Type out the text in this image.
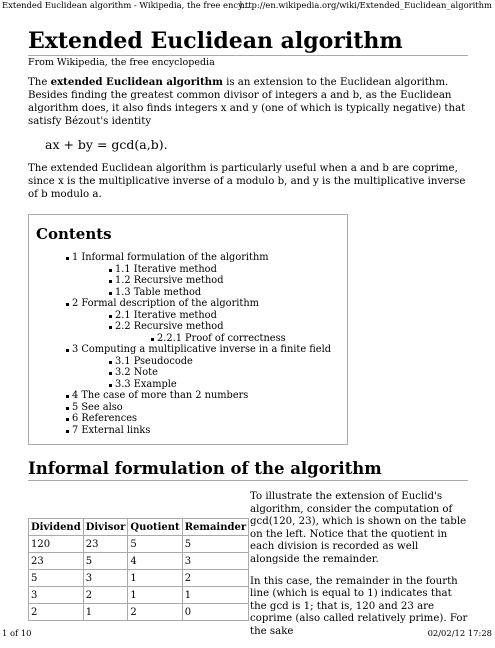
Extended Euclidean algorithm - Wikipedia, the free ency...
http://en.wikipedia.org/wiki/Extended_Euclidean_algorithm
Extended Euclidean algorithm
From Wikipedia, the free encyclopedia

The extended Euclidean algorithm is an extension to the Euclidean algorithm. Besides finding the greatest common divisor of integers a and b, as the Euclidean algorithm does, it also finds integers x and y (one of which is typically negative) that satisfy Bézout's identity

ax + by = gcd(a,b).

The extended Euclidean algorithm is particularly useful when a and b are coprime, since x is the multiplicative inverse of a modulo b, and y is the multiplicative inverse of b modulo a.

Contents
1 Informal formulation of the algorithm
1.1 Iterative method
1.2 Recursive method
1.3 Table method
2 Formal description of the algorithm
2.1 Iterative method
2.2 Recursive method
2.2.1 Proof of correctness
3 Computing a multiplicative inverse in a finite field
3.1 Pseudocode
3.2 Note
3.3 Example
4 The case of more than 2 numbers
5 See also
6 References
7 External links
Informal formulation of the algorithm
Dividend	Divisor	Quotient	Remainder
120	23	5	5
23	5	4	3
5	3	1	2
3	2	1	1
2	1	2	0

To illustrate the extension of Euclid's algorithm, consider the computation of gcd(120, 23), which is shown on the table on the left. Notice that the quotient in each division is recorded as well alongside the remainder.

In this case, the remainder in the fourth line (which is equal to 1) indicates that the gcd is 1; that is, 120 and 23 are coprime (also called relatively prime). For the sake

1 of 10	02/02/12 17:28
